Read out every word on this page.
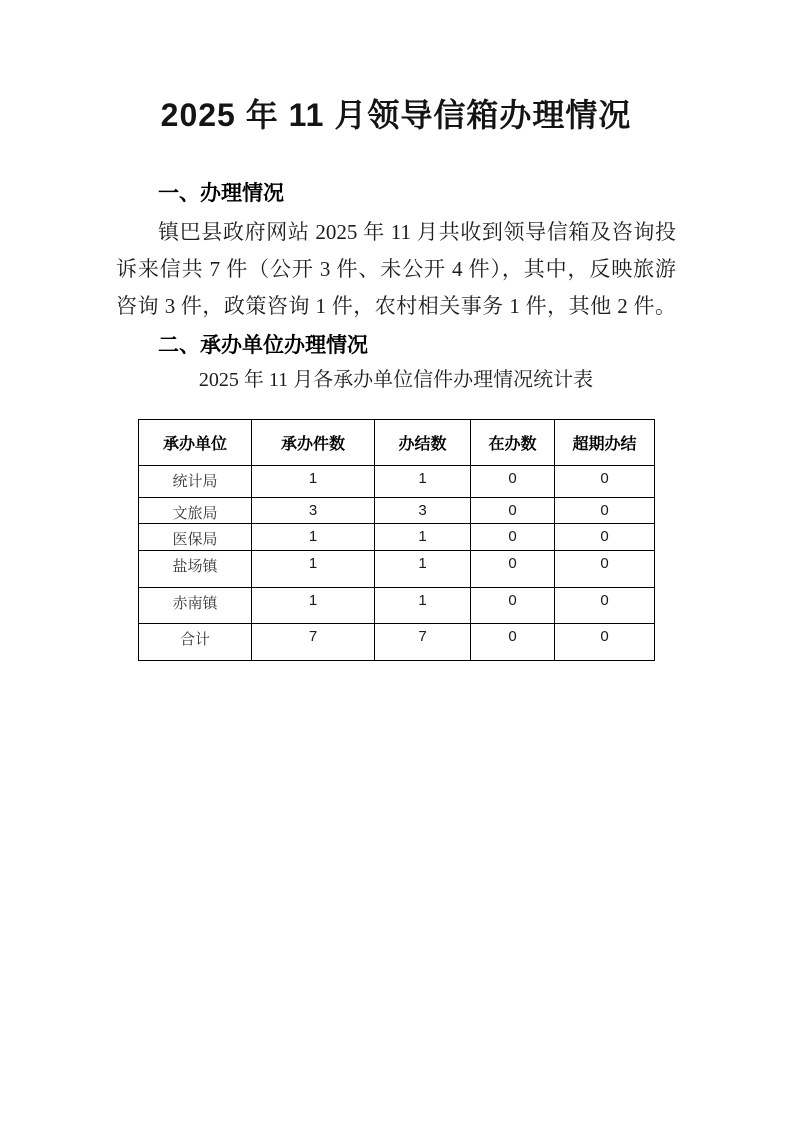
2025 年 11 月领导信箱办理情况
一、办理情况
镇巴县政府网站 2025 年 11 月共收到领导信箱及咨询投
诉来信共 7 件（公开 3 件、未公开 4 件），其中，反映旅游
咨询 3 件，政策咨询 1 件，农村相关事务 1 件，其他 2 件。
二、承办单位办理情况
2025 年 11 月各承办单位信件办理情况统计表
承办单位	承办件数	办结数	在办数	超期办结
统计局	1	1	0	0
文旅局	3	3	0	0
医保局	1	1	0	0
盐场镇	1	1	0	0
赤南镇	1	1	0	0
合计	7	7	0	0
